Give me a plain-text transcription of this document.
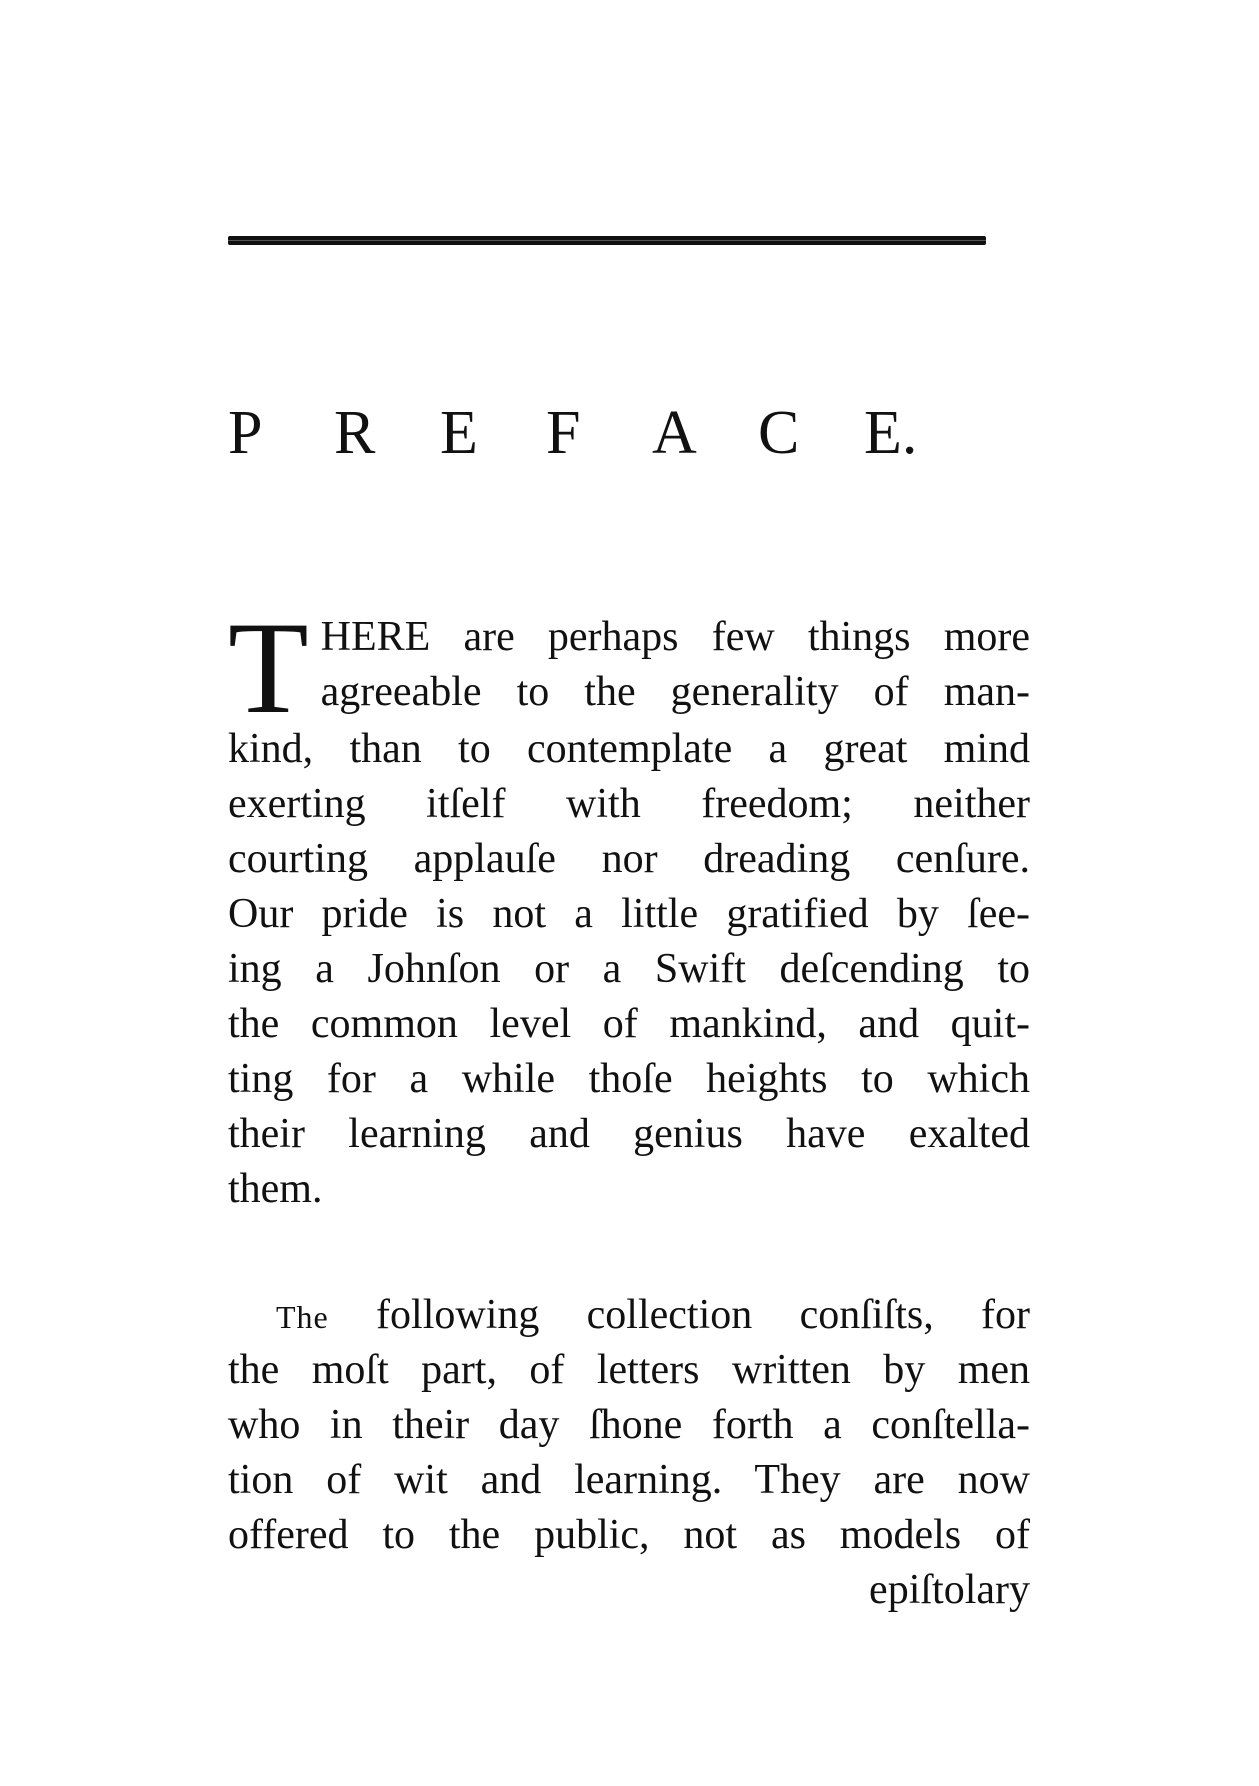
P R E F A C E.
T HERE are perhaps few things more
agreeable to the generality of man-
kind, than to contemplate a great mind
exerting itſelf with freedom; neither
courting applauſe nor dreading cenſure.
Our pride is not a little gratified by ſee-
ing a Johnſon or a Swift deſcending to
the common level of mankind, and quit-
ting for a while thoſe heights to which
their learning and genius have exalted
them.
The following collection conſiſts, for
the moſt part, of letters written by men
who in their day ſhone forth a conſtella-
tion of wit and learning. They are now
offered to the public, not as models of
epiſtolary
